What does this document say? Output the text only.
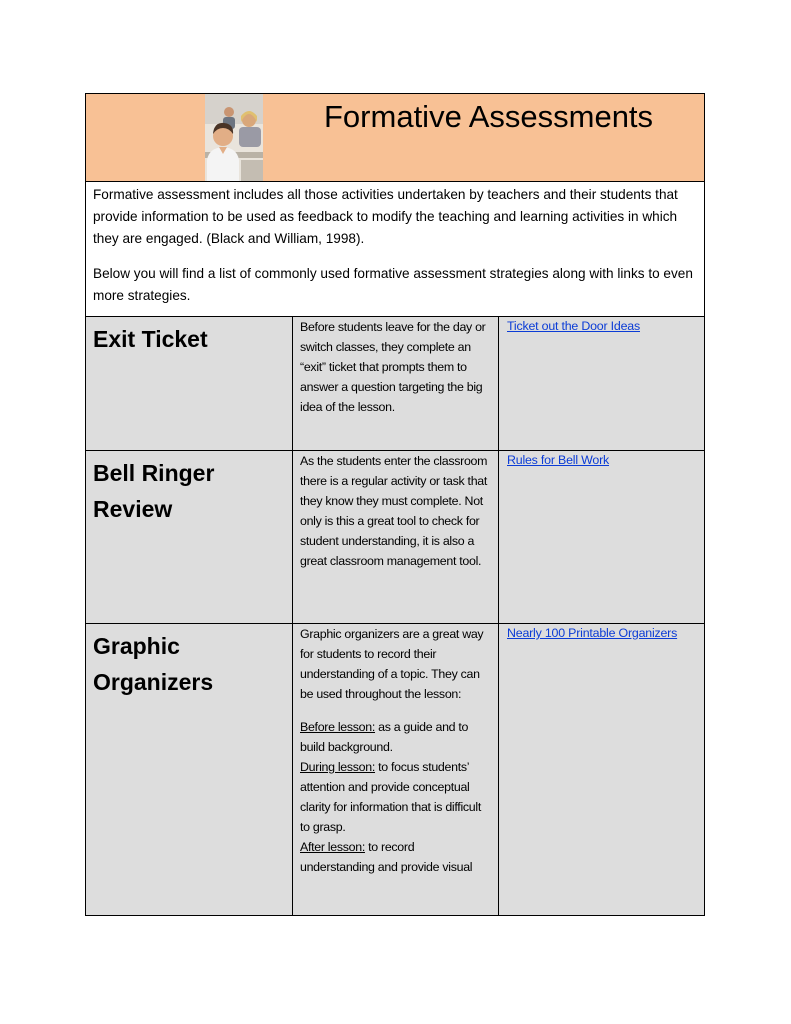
Formative Assessments

Formative assessment includes all those activities undertaken by teachers and their students that provide information to be used as feedback to modify the teaching and learning activities in which they are engaged. (Black and William, 1998).

Below you will find a list of commonly used formative assessment strategies along with links to even more strategies.

Exit Ticket	Before students leave for the day or switch classes, they complete an “exit” ticket that prompts them to answer a question targeting the big idea of the lesson.

Ticket out the Door Ideas
Bell Ringer
Review

As the students enter the classroom there is a regular activity or task that they know they must complete. Not only is this a great tool to check for student understanding, it is also a great classroom management tool.

Rules for Bell Work
Graphic
Organizers

Graphic organizers are a great way for students to record their understanding of a topic. They can be used throughout the lesson:

Before lesson: as a guide and to build background.

During lesson: to focus students’ attention and provide conceptual clarity for information that is difficult to grasp.

After lesson: to record understanding and provide visual

Nearly 100 Printable Organizers
